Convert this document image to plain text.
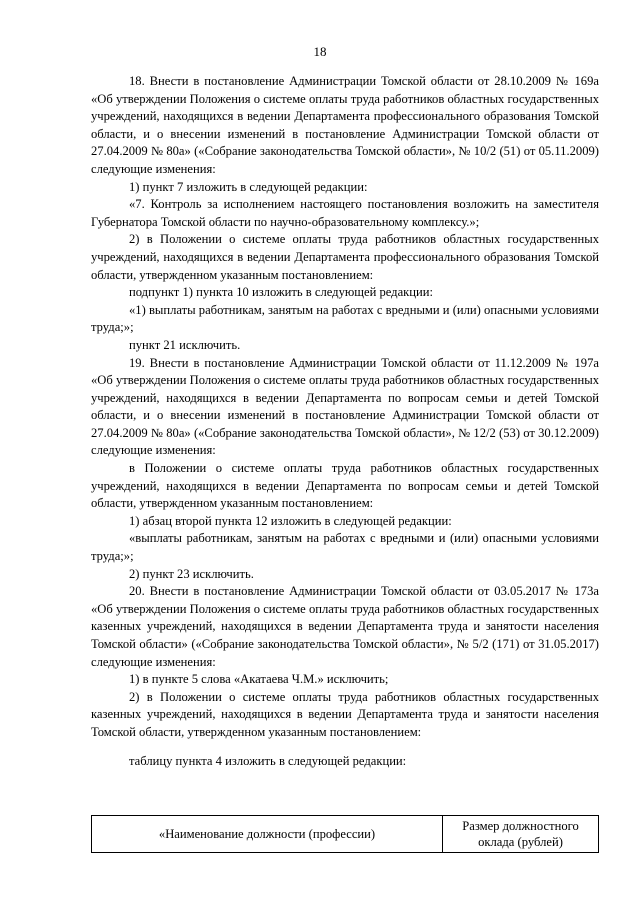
18

18. Внести в постановление Администрации Томской области от 28.10.2009 № 169а «Об утверждении Положения о системе оплаты труда работников областных государственных учреждений, находящихся в ведении Департамента профессионального образования Томской области, и о внесении изменений в постановление Администрации Томской области от 27.04.2009 № 80а» («Собрание законодательства Томской области», № 10/2 (51) от 05.11.2009) следующие изменения:

1) пункт 7 изложить в следующей редакции:

«7. Контроль за исполнением настоящего постановления возложить на заместителя Губернатора Томской области по научно-образовательному комплексу.»;

2) в Положении о системе оплаты труда работников областных государственных учреждений, находящихся в ведении Департамента профессионального образования Томской области, утвержденном указанным постановлением:

подпункт 1) пункта 10 изложить в следующей редакции:

«1) выплаты работникам, занятым на работах с вредными и (или) опасными условиями труда;»;

пункт 21 исключить.

19. Внести в постановление Администрации Томской области от 11.12.2009 № 197а «Об утверждении Положения о системе оплаты труда работников областных государственных учреждений, находящихся в ведении Департамента по вопросам семьи и детей Томской области, и о внесении изменений в постановление Администрации Томской области от 27.04.2009 № 80а» («Собрание законодательства Томской области», № 12/2 (53) от 30.12.2009) следующие изменения:

в Положении о системе оплаты труда работников областных государственных учреждений, находящихся в ведении Департамента по вопросам семьи и детей Томской области, утвержденном указанным постановлением:

1) абзац второй пункта 12 изложить в следующей редакции:

«выплаты работникам, занятым на работах с вредными и (или) опасными условиями труда;»;

2) пункт 23 исключить.

20. Внести в постановление Администрации Томской области от 03.05.2017 № 173а «Об утверждении Положения о системе оплаты труда работников областных государственных казенных учреждений, находящихся в ведении Департамента труда и занятости населения Томской области» («Собрание законодательства Томской области», № 5/2 (171) от 31.05.2017) следующие изменения:

1) в пункте 5 слова «Акатаева Ч.М.» исключить;

2) в Положении о системе оплаты труда работников областных государственных казенных учреждений, находящихся в ведении Департамента труда и занятости населения Томской области, утвержденном указанным постановлением:

таблицу пункта 4 изложить в следующей редакции:

«Наименование должности (профессии)
Размер должностного оклада (рублей)
